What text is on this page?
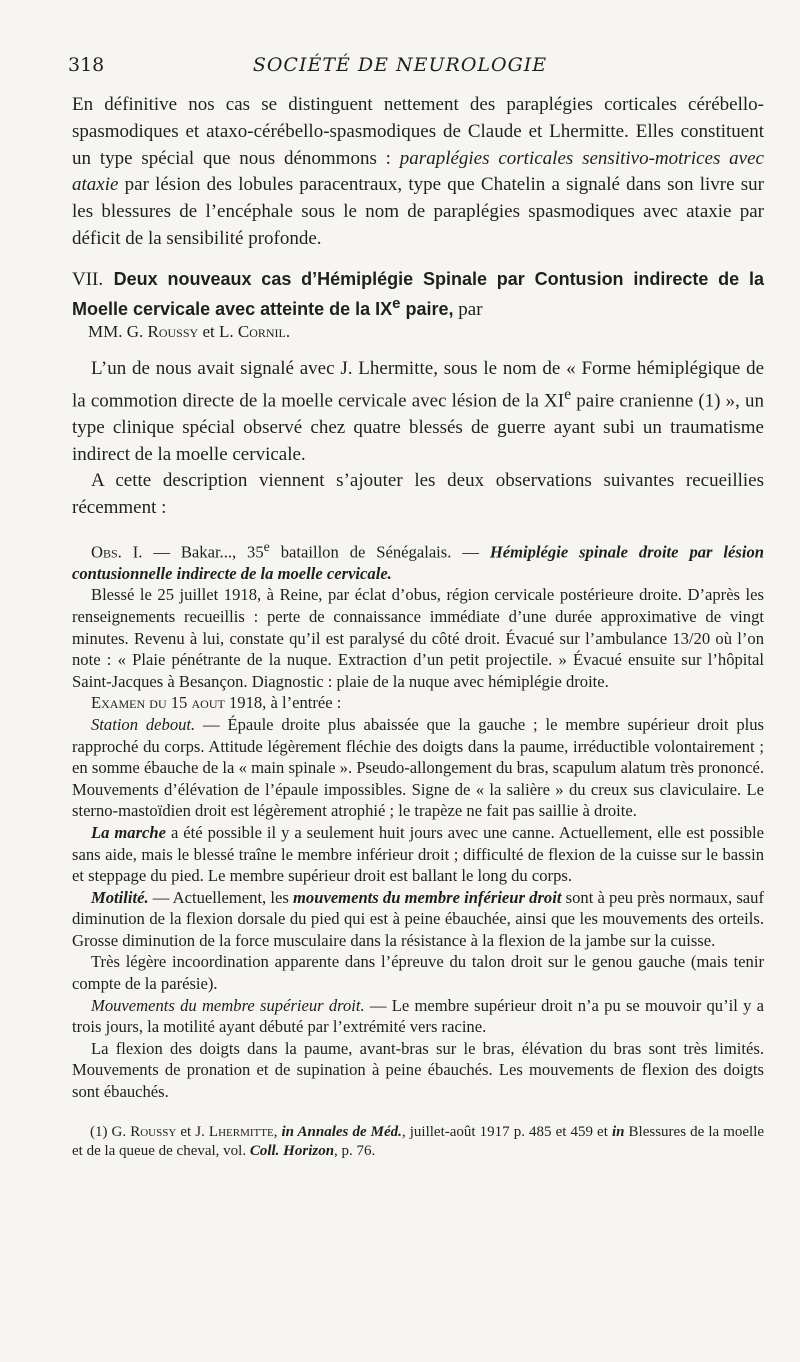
318	SOCIÉTÉ DE NEUROLOGIE

En définitive nos cas se distinguent nettement des paraplégies corticales cérébello-spasmodiques et ataxo-cérébello-spasmodiques de Claude et Lhermitte. Elles constituent un type spécial que nous dénommons : paraplégies corticales sensitivo-motrices avec ataxie par lésion des lobules paracentraux, type que Chatelin a signalé dans son livre sur les blessures de l’encéphale sous le nom de paraplégies spasmodiques avec ataxie par déficit de la sensibilité profonde.

VII. Deux nouveaux cas d’Hémiplégie Spinale par Contusion indirecte de la Moelle cervicale avec atteinte de la IXe paire, par

MM. G. Roussy et L. Cornil.

L’un de nous avait signalé avec J. Lhermitte, sous le nom de « Forme hémiplégique de la commotion directe de la moelle cervicale avec lésion de la XIe paire cranienne (1) », un type clinique spécial observé chez quatre blessés de guerre ayant subi un traumatisme indirect de la moelle cervicale.

A cette description viennent s’ajouter les deux observations suivantes recueillies récemment :

Obs. I. — Bakar..., 35e bataillon de Sénégalais. — Hémiplégie spinale droite par lésion contusionnelle indirecte de la moelle cervicale.

Blessé le 25 juillet 1918, à Reine, par éclat d’obus, région cervicale postérieure droite. D’après les renseignements recueillis : perte de connaissance immédiate d’une durée approximative de vingt minutes. Revenu à lui, constate qu’il est paralysé du côté droit. Évacué sur l’ambulance 13/20 où l’on note : « Plaie pénétrante de la nuque. Extraction d’un petit projectile. » Évacué ensuite sur l’hôpital Saint-Jacques à Besançon. Diagnostic : plaie de la nuque avec hémiplégie droite.

Examen du 15 aout 1918, à l’entrée :

Station debout. — Épaule droite plus abaissée que la gauche ; le membre supérieur droit plus rapproché du corps. Attitude légèrement fléchie des doigts dans la paume, irréductible volontairement ; en somme ébauche de la « main spinale ». Pseudo-allongement du bras, scapulum alatum très prononcé. Mouvements d’élévation de l’épaule impossibles. Signe de « la salière » du creux sus claviculaire. Le sterno-mastoïdien droit est légèrement atrophié ; le trapèze ne fait pas saillie à droite.

La marche a été possible il y a seulement huit jours avec une canne. Actuellement, elle est possible sans aide, mais le blessé traîne le membre inférieur droit ; difficulté de flexion de la cuisse sur le bassin et steppage du pied. Le membre supérieur droit est ballant le long du corps.

Motilité. — Actuellement, les mouvements du membre inférieur droit sont à peu près normaux, sauf diminution de la flexion dorsale du pied qui est à peine ébauchée, ainsi que les mouvements des orteils. Grosse diminution de la force musculaire dans la résistance à la flexion de la jambe sur la cuisse.

Très légère incoordination apparente dans l’épreuve du talon droit sur le genou gauche (mais tenir compte de la parésie).

Mouvements du membre supérieur droit. — Le membre supérieur droit n’a pu se mouvoir qu’il y a trois jours, la motilité ayant débuté par l’extrémité vers racine.

La flexion des doigts dans la paume, avant-bras sur le bras, élévation du bras sont très limités. Mouvements de pronation et de supination à peine ébauchés. Les mouvements de flexion des doigts sont ébauchés.

(1) G. Roussy et J. Lhermitte, in Annales de Méd., juillet-août 1917 p. 485 et 459 et in Blessures de la moelle et de la queue de cheval, vol. Coll. Horizon, p. 76.
